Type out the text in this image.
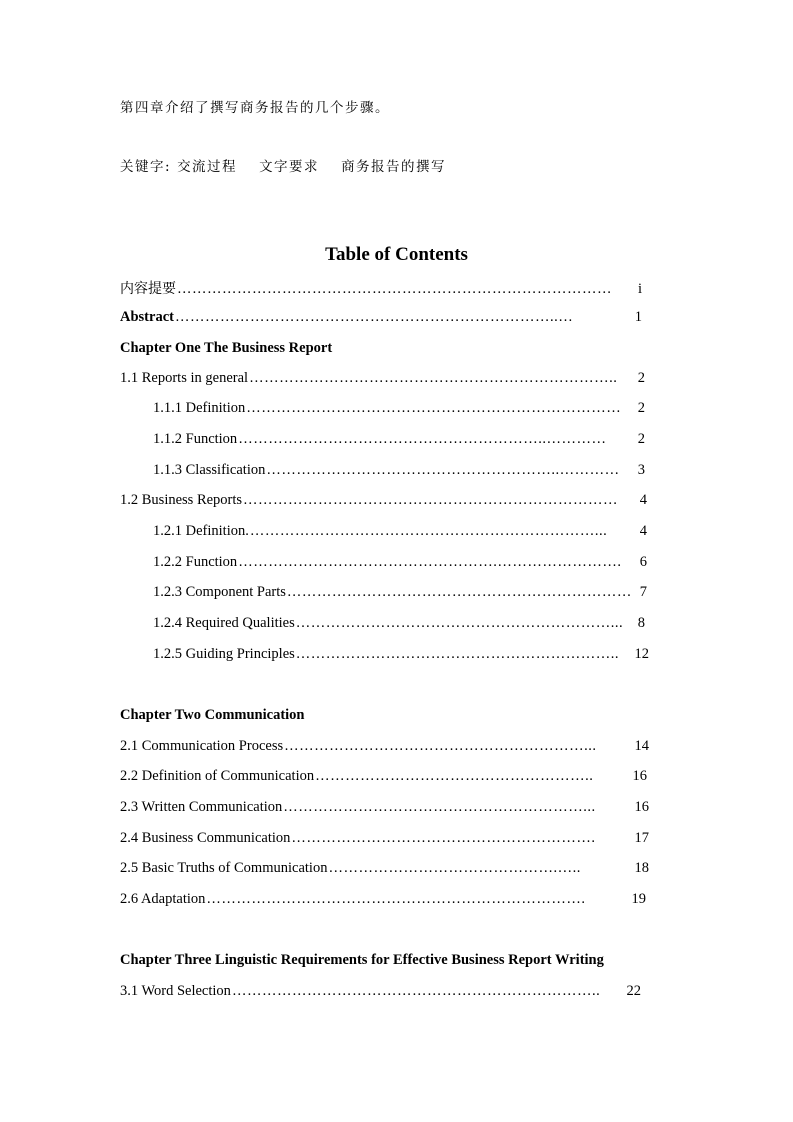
第四章介绍了撰写商务报告的几个步骤。
关键字: 交流过程 文字要求 商务报告的撰写
Table of Contents
内容提要 ……………………………………………………………………………	i
Abstract …………………………………………………………………..…	1
Chapter One The Business Report
1.1 Reports in general ………………………………………………………………..	2
1.1.1 Definition …………………………………………………………………	2
1.1.2 Function ……………………………………………………..…………	2
1.1.3 Classification …………………………………………………..…………	3
1.2 Business Reports …………………………………………………………………	4
1.2.1 Definition. ……………………………………………………………...	4
1.2.2 Function …………………………………………….…………………….	6
1.2.3 Component Parts …………………………………………………………… 7
1.2.4 Required Qualities ………………………………………………………...	8
1.2.5 Guiding Principles ………………………………………………………..	12
Chapter Two Communication
2.1 Communication Process ……………………………………………………...	14
2.2 Definition of Communication ………………………………………………..	16
2.3 Written Communication ……………………………………………………...	16
2.4 Business Communication …………………………………………………….	17
2.5 Basic Truths of Communication ……………………………………….…..	18
2.6 Adaptation ………………………………………………………………….	19
Chapter Three Linguistic Requirements for Effective Business Report Writing
3.1 Word Selection ………………………………………………………………..	22
